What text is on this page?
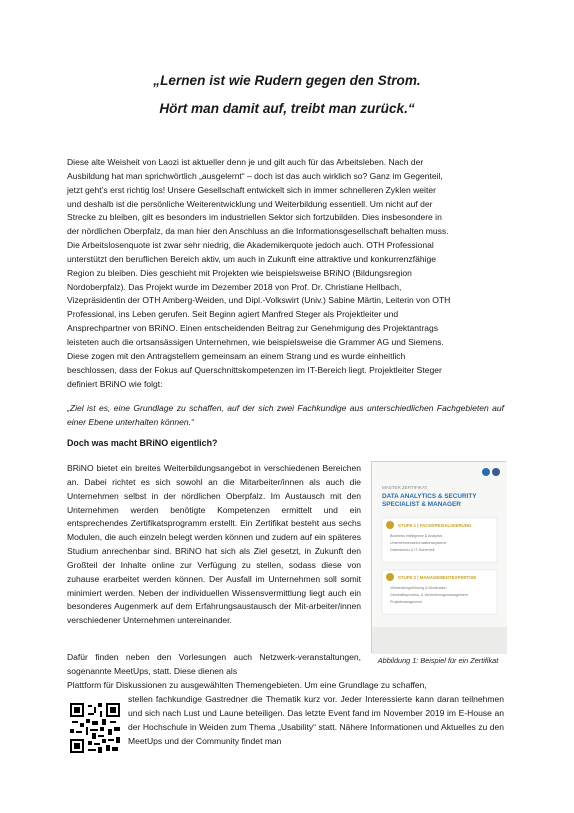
„Lernen ist wie Rudern gegen den Strom.
Hört man damit auf, treibt man zurück.“
Diese alte Weisheit von Laozi ist aktueller denn je und gilt auch für das Arbeitsleben. Nach der
Ausbildung hat man sprichwörtlich „ausgelernt“ – doch ist das auch wirklich so? Ganz im Gegenteil,
jetzt geht’s erst richtig los! Unsere Gesellschaft entwickelt sich in immer schnelleren Zyklen weiter
und deshalb ist die persönliche Weiterentwicklung und Weiterbildung essentiell. Um nicht auf der
Strecke zu bleiben, gilt es besonders im industriellen Sektor sich fortzubilden. Dies insbesondere in
der nördlichen Oberpfalz, da man hier den Anschluss an die Informationsgesellschaft behalten muss.
Die Arbeitslosenquote ist zwar sehr niedrig, die Akademikerquote jedoch auch. OTH Professional
unterstützt den beruflichen Bereich aktiv, um auch in Zukunft eine attraktive und konkurrenzfähige
Region zu bleiben. Dies geschieht mit Projekten wie beispielsweise BRiNO (Bildungsregion
Nordoberpfalz). Das Projekt wurde im Dezember 2018 von Prof. Dr. Christiane Hellbach,
Vizepräsidentin der OTH Amberg-Weiden, und Dipl.-Volkswirt (Univ.) Sabine Märtin, Leiterin von OTH
Professional, ins Leben gerufen. Seit Beginn agiert Manfred Steger als Projektleiter und
Ansprechpartner von BRiNO. Einen entscheidenden Beitrag zur Genehmigung des Projektantrags
leisteten auch die ortsansässigen Unternehmen, wie beispielsweise die Grammer AG und Siemens.
Diese zogen mit den Antragstellern gemeinsam an einem Strang und es wurde einheitlich
beschlossen, dass der Fokus auf Querschnittskompetenzen im IT-Bereich liegt. Projektleiter Steger
definiert BRiNO wie folgt:
„Ziel ist es, eine Grundlage zu schaffen, auf der sich zwei Fachkundige aus unterschiedlichen Fachgebieten auf einer Ebene unterhalten können.“
Doch was macht BRiNO eigentlich?
BRiNO bietet ein breites Weiterbildungsangebot in verschiedenen Bereichen an. Dabei richtet es sich sowohl an die Mitarbeiter/innen als auch die Unternehmen selbst in der nördlichen Oberpfalz. Im Austausch mit den Unternehmen werden benötigte Kompetenzen ermittelt und ein entsprechendes Zertifikatsprogramm erstellt. Ein Zertifikat besteht aus sechs Modulen, die auch einzeln belegt werden können und zudem auf ein späteres Studium anrechenbar sind. BRiNO hat sich als Ziel gesetzt, in Zukunft den Großteil der Inhalte online zur Verfügung zu stellen, sodass diese von zuhause erarbeitet werden können. Der Ausfall im Unternehmen soll somit minimiert werden. Neben der individuellen Wissensvermittlung liegt auch ein besonderes Augenmerk auf dem Erfahrungsaustausch der Mit-arbeiter/innen verschiedener Unternehmen untereinander.
MASTER ZERTIFIKAT
DATA ANALYTICS & SECURITY
SPECIALIST & MANAGER
STUFE 1 | FACHSPEZIALISIERUNG
Business Intelligence & Analytics
Unternehmensinformationssysteme
Datenschutz & IT-Sicherheit
STUFE 2 | MANAGEMENTEXPERTISE
Verhandlungsführung & Moderation
Geschäftsprozess- & Veränderungsmanagement
Projektmanagement
Abbildung 1: Beispiel für ein Zertifikat
Dafür finden neben den Vorlesungen auch Netzwerk-veranstaltungen, sogenannte MeetUps, statt. Diese dienen als
Plattform für Diskussionen zu ausgewählten Themengebieten. Um eine Grundlage zu schaffen,
stellen fachkundige Gastredner die Thematik kurz vor. Jeder Interessierte kann daran teilnehmen und sich nach Lust und Laune beteiligen. Das letzte Event fand im November 2019 im E-House an der Hochschule in Weiden zum Thema „Usability“ statt. Nähere Informationen und Aktuelles zu den MeetUps und der Community findet man
